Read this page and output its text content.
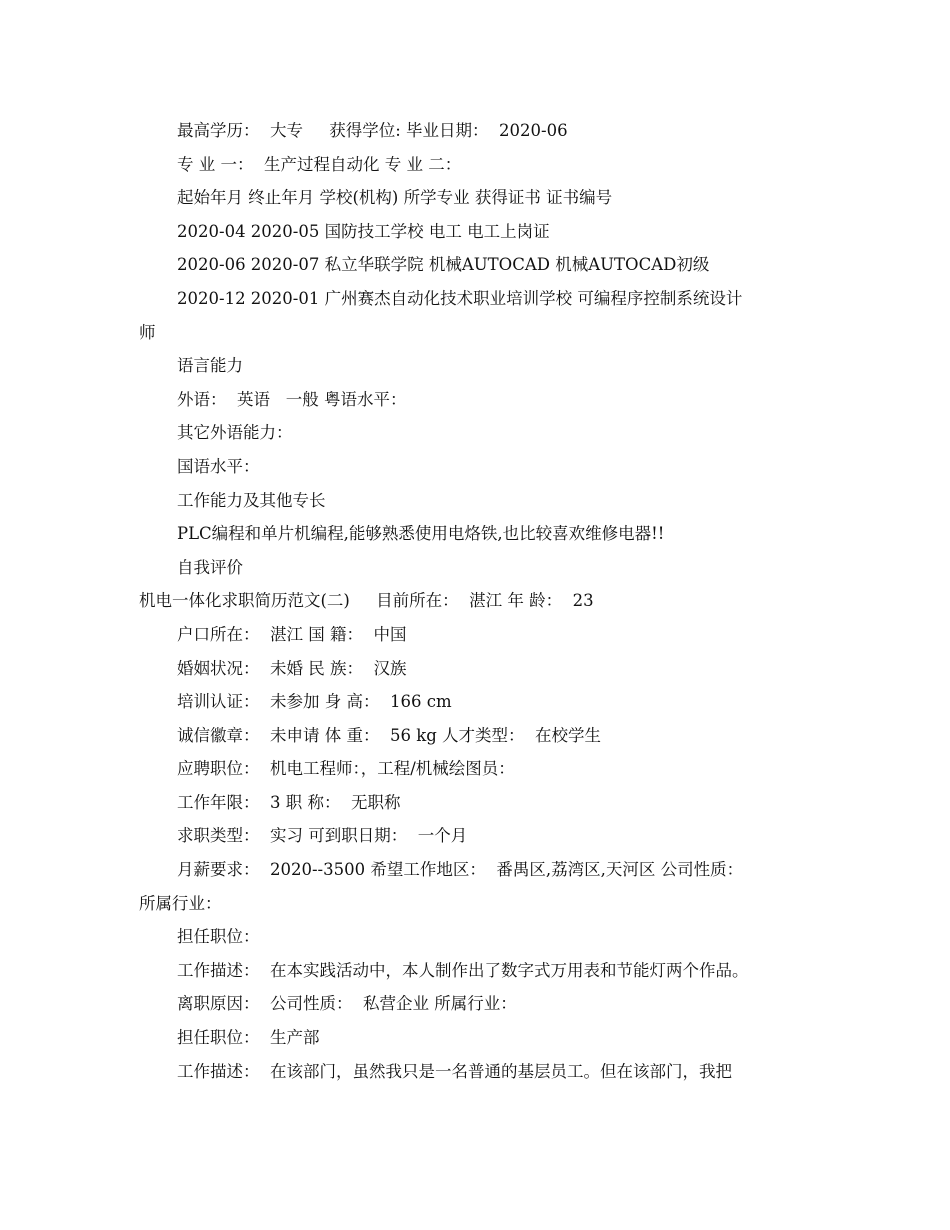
最高学历：  大专     获得学位: 毕业日期：  2020-06
专 业 一：  生产过程自动化 专 业 二：
起始年月 终止年月 学校(机构) 所学专业 获得证书 证书编号
2020-04 2020-05 国防技工学校 电工 电工上岗证
2020-06 2020-07 私立华联学院 机械AUTOCAD 机械AUTOCAD初级
2020-12 2020-01 广州赛杰自动化技术职业培训学校 可编程序控制系统设计
师
语言能力
外语：  英语   一般 粤语水平：
其它外语能力：
国语水平：
工作能力及其他专长
PLC编程和单片机编程,能够熟悉使用电烙铁,也比较喜欢维修电器!!
自我评价
机电一体化求职简历范文(二)     目前所在：  湛江 年 龄：  23
户口所在：  湛江 国 籍：  中国
婚姻状况：  未婚 民 族：  汉族
培训认证：  未参加 身 高：  166 cm
诚信徽章：  未申请 体 重：  56 kg 人才类型：  在校学生
应聘职位：  机电工程师：，工程/机械绘图员：
工作年限：  3 职 称：  无职称
求职类型：  实习 可到职日期：  一个月
月薪要求：  2020--3500 希望工作地区：  番禺区,荔湾区,天河区 公司性质：
所属行业：
担任职位：
工作描述：  在本实践活动中，本人制作出了数字式万用表和节能灯两个作品。
离职原因：  公司性质：  私营企业 所属行业：
担任职位：  生产部
工作描述：  在该部门，虽然我只是一名普通的基层员工。但在该部门，我把
